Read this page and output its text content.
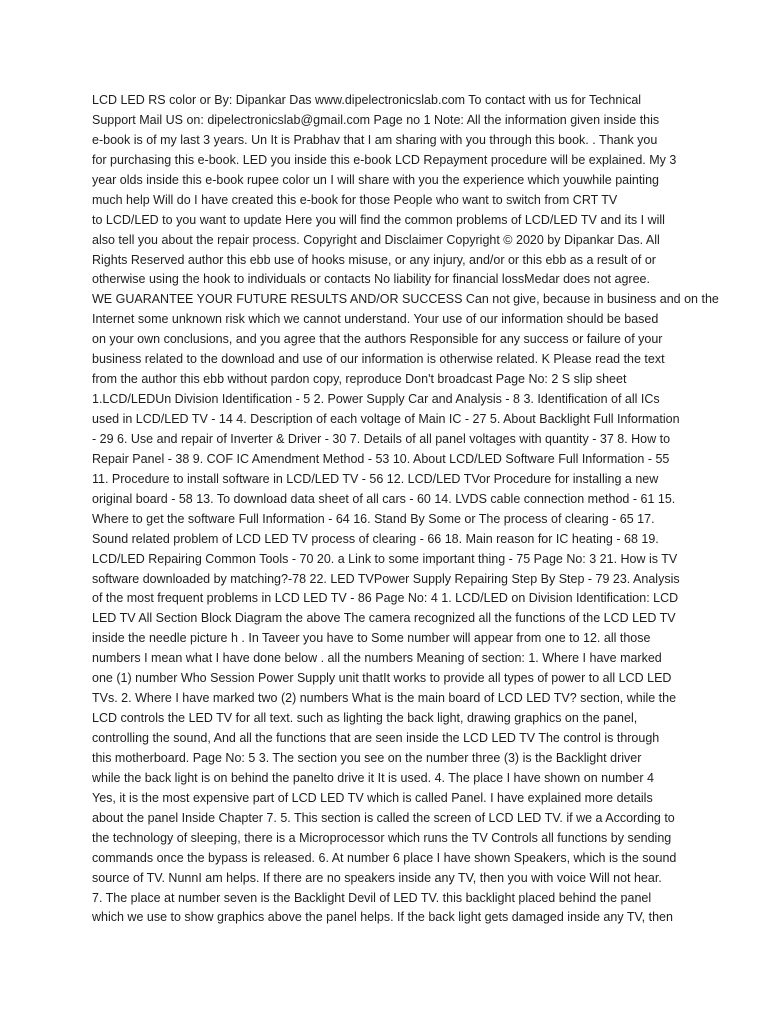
LCD LED RS color or By: Dipankar Das www.dipelectronicslab.com To contact with us for Technical
Support Mail US on: dipelectronicslab@gmail.com Page no 1 Note: All the information given inside this
e-book is of my last 3 years. Un It is Prabhav that I am sharing with you through this book. . Thank you
for purchasing this e-book. LED you inside this e-book LCD Repayment procedure will be explained. My 3
year olds inside this e-book rupee color un I will share with you the experience which youwhile painting
much help Will do I have created this e-book for those People who want to switch from CRT TV
to LCD/LED to you want to update Here you will find the common problems of LCD/LED TV and its I will
also tell you about the repair process. Copyright and Disclaimer Copyright © 2020 by Dipankar Das. All
Rights Reserved author this ebb use of hooks misuse, or any injury, and/or or this ebb as a result of or
otherwise using the hook to individuals or contacts No liability for financial lossMedar does not agree.
WE GUARANTEE YOUR FUTURE RESULTS AND/OR SUCCESS Can not give, because in business and on the
Internet some unknown risk which we cannot understand. Your use of our information should be based
on your own conclusions, and you agree that the authors Responsible for any success or failure of your
business related to the download and use of our information is otherwise related. K Please read the text
from the author this ebb without pardon copy, reproduce Don't broadcast Page No: 2 S slip sheet
1.LCD/LEDUn Division Identification - 5 2. Power Supply Car and Analysis - 8 3. Identification of all ICs
used in LCD/LED TV - 14 4. Description of each voltage of Main IC - 27 5. About Backlight Full Information
- 29 6. Use and repair of Inverter & Driver - 30 7. Details of all panel voltages with quantity - 37 8. How to
Repair Panel - 38 9. COF IC Amendment Method - 53 10. About LCD/LED Software Full Information - 55
11. Procedure to install software in LCD/LED TV - 56 12. LCD/LED TVor Procedure for installing a new
original board - 58 13. To download data sheet of all cars - 60 14. LVDS cable connection method - 61 15.
Where to get the software Full Information - 64 16. Stand By Some or The process of clearing - 65 17.
Sound related problem of LCD LED TV process of clearing - 66 18. Main reason for IC heating - 68 19.
LCD/LED Repairing Common Tools - 70 20. a Link to some important thing - 75 Page No: 3 21. How is TV
software downloaded by matching?-78 22. LED TVPower Supply Repairing Step By Step - 79 23. Analysis
of the most frequent problems in LCD LED TV - 86 Page No: 4 1. LCD/LED on Division Identification: LCD
LED TV All Section Block Diagram the above The camera recognized all the functions of the LCD LED TV
inside the needle picture h . In Taveer you have to Some number will appear from one to 12. all those
numbers I mean what I have done below . all the numbers Meaning of section: 1. Where I have marked
one (1) number Who Session Power Supply unit thatIt works to provide all types of power to all LCD LED
TVs. 2. Where I have marked two (2) numbers What is the main board of LCD LED TV? section, while the
LCD controls the LED TV for all text. such as lighting the back light, drawing graphics on the panel,
controlling the sound, And all the functions that are seen inside the LCD LED TV The control is through
this motherboard. Page No: 5 3. The section you see on the number three (3) is the Backlight driver
while the back light is on behind the panelto drive it It is used. 4. The place I have shown on number 4
Yes, it is the most expensive part of LCD LED TV which is called Panel. I have explained more details
about the panel Inside Chapter 7. 5. This section is called the screen of LCD LED TV. if we a According to
the technology of sleeping, there is a Microprocessor which runs the TV Controls all functions by sending
commands once the bypass is released. 6. At number 6 place I have shown Speakers, which is the sound
source of TV. NunnI am helps. If there are no speakers inside any TV, then you with voice Will not hear.
7. The place at number seven is the Backlight Devil of LED TV. this backlight placed behind the panel
which we use to show graphics above the panel helps. If the back light gets damaged inside any TV, then
